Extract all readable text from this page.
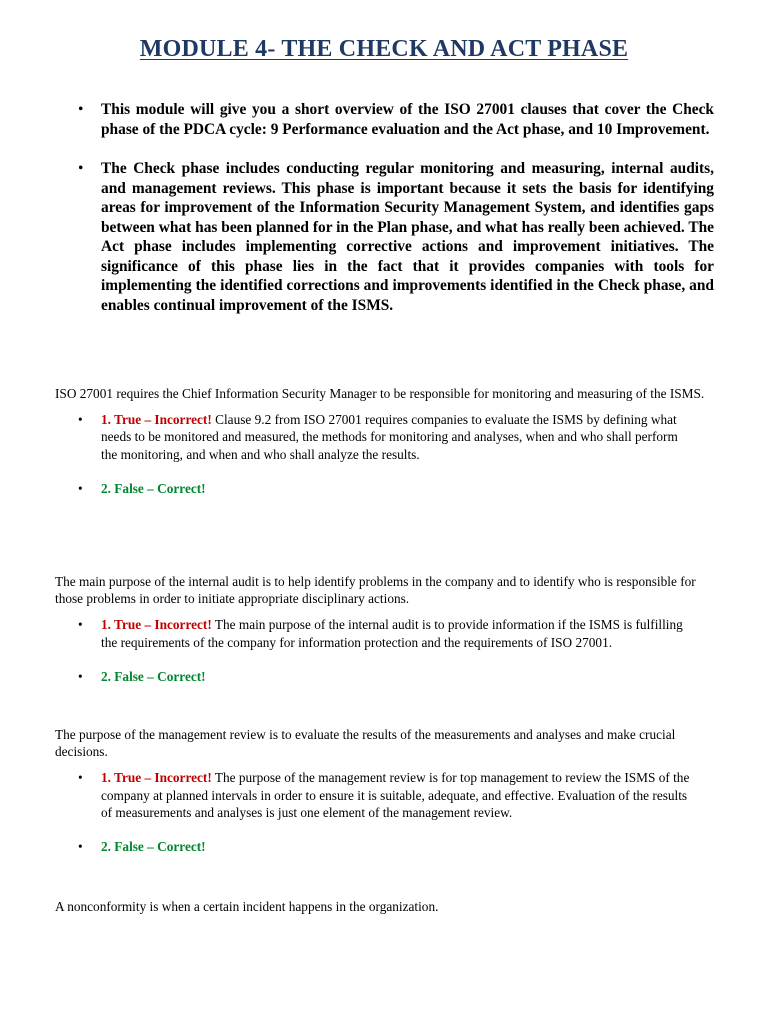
MODULE 4- THE CHECK AND ACT PHASE
• This module will give you a short overview of the ISO 27001 clauses that cover the Check phase of the PDCA cycle: 9 Performance evaluation and the Act phase, and 10 Improvement.
• The Check phase includes conducting regular monitoring and measuring, internal audits, and management reviews. This phase is important because it sets the basis for identifying areas for improvement of the Information Security Management System, and identifies gaps between what has been planned for in the Plan phase, and what has really been achieved. The Act phase includes implementing corrective actions and improvement initiatives. The significance of this phase lies in the fact that it provides companies with tools for implementing the identified corrections and improvements identified in the Check phase, and enables continual improvement of the ISMS.

ISO 27001 requires the Chief Information Security Manager to be responsible for monitoring and measuring of the ISMS.

• 1. True – Incorrect! Clause 9.2 from ISO 27001 requires companies to evaluate the ISMS by defining what needs to be monitored and measured, the methods for monitoring and analyses, when and who shall perform the monitoring, and when and who shall analyze the results.
• 2. False – Correct!

The main purpose of the internal audit is to help identify problems in the company and to identify who is responsible for those problems in order to initiate appropriate disciplinary actions.

• 1. True – Incorrect! The main purpose of the internal audit is to provide information if the ISMS is fulfilling the requirements of the company for information protection and the requirements of ISO 27001.
• 2. False – Correct!

The purpose of the management review is to evaluate the results of the measurements and analyses and make crucial decisions.

• 1. True – Incorrect! The purpose of the management review is for top management to review the ISMS of the company at planned intervals in order to ensure it is suitable, adequate, and effective. Evaluation of the results of measurements and analyses is just one element of the management review.
• 2. False – Correct!

A nonconformity is when a certain incident happens in the organization.
